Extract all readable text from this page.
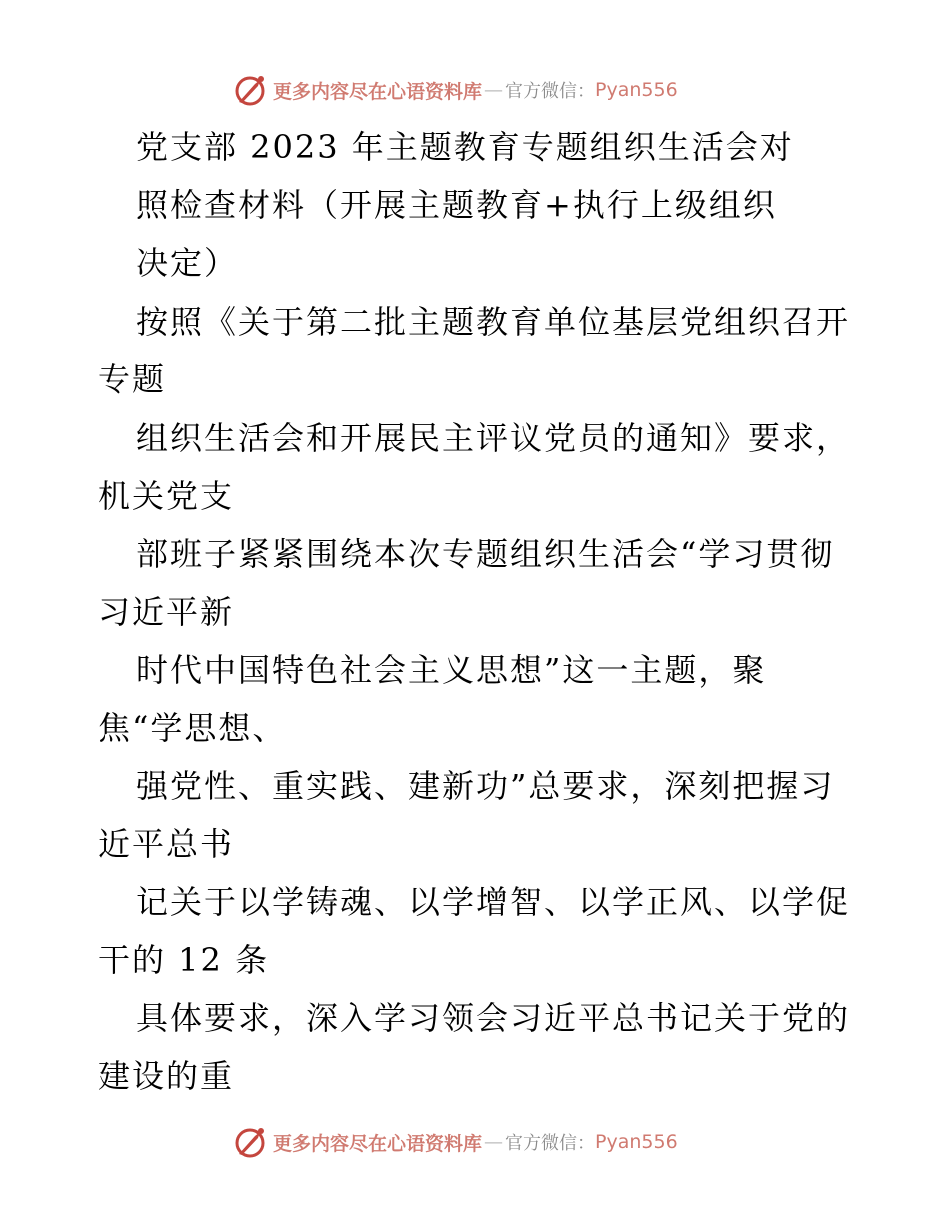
更多内容尽在心语资料库 — 官方微信： Pyan556
党支部 2023 年主题教育专题组织生活会对
照检查材料（开展主题教育+执行上级组织
决定）
按照《关于第二批主题教育单位基层党组织召开
专题
组织生活会和开展民主评议党员的通知》要求，
机关党支
部班子紧紧围绕本次专题组织生活会“学习贯彻
习近平新
时代中国特色社会主义思想”这一主题，聚
焦“学思想、
强党性、重实践、建新功”总要求，深刻把握习
近平总书
记关于以学铸魂、以学增智、以学正风、以学促
干的 12 条
具体要求，深入学习领会习近平总书记关于党的
建设的重
更多内容尽在心语资料库 — 官方微信： Pyan556
